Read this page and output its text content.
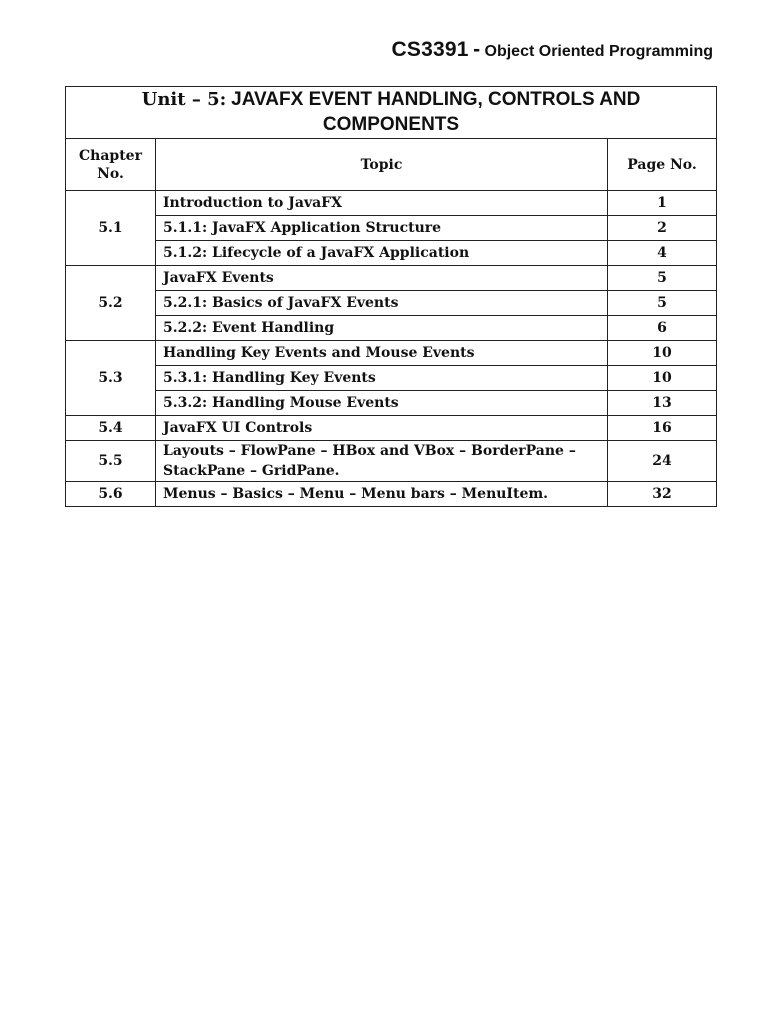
CS3391 - Object Oriented Programming
Unit – 5: JAVAFX EVENT HANDLING, CONTROLS AND COMPONENTS		
Chapter No.	Topic	Page No.
5.1	Introduction to JavaFX	1
	5.1.1: JavaFX Application Structure	2
	5.1.2: Lifecycle of a JavaFX Application	4
5.2	JavaFX Events	5
	5.2.1: Basics of JavaFX Events	5
	5.2.2: Event Handling	6
5.3	Handling Key Events and Mouse Events	10
	5.3.1: Handling Key Events	10
	5.3.2: Handling Mouse Events	13
5.4	JavaFX UI Controls	16
5.5	Layouts – FlowPane – HBox and VBox – BorderPane – StackPane – GridPane.	24
5.6	Menus – Basics – Menu – Menu bars – MenuItem.	32
